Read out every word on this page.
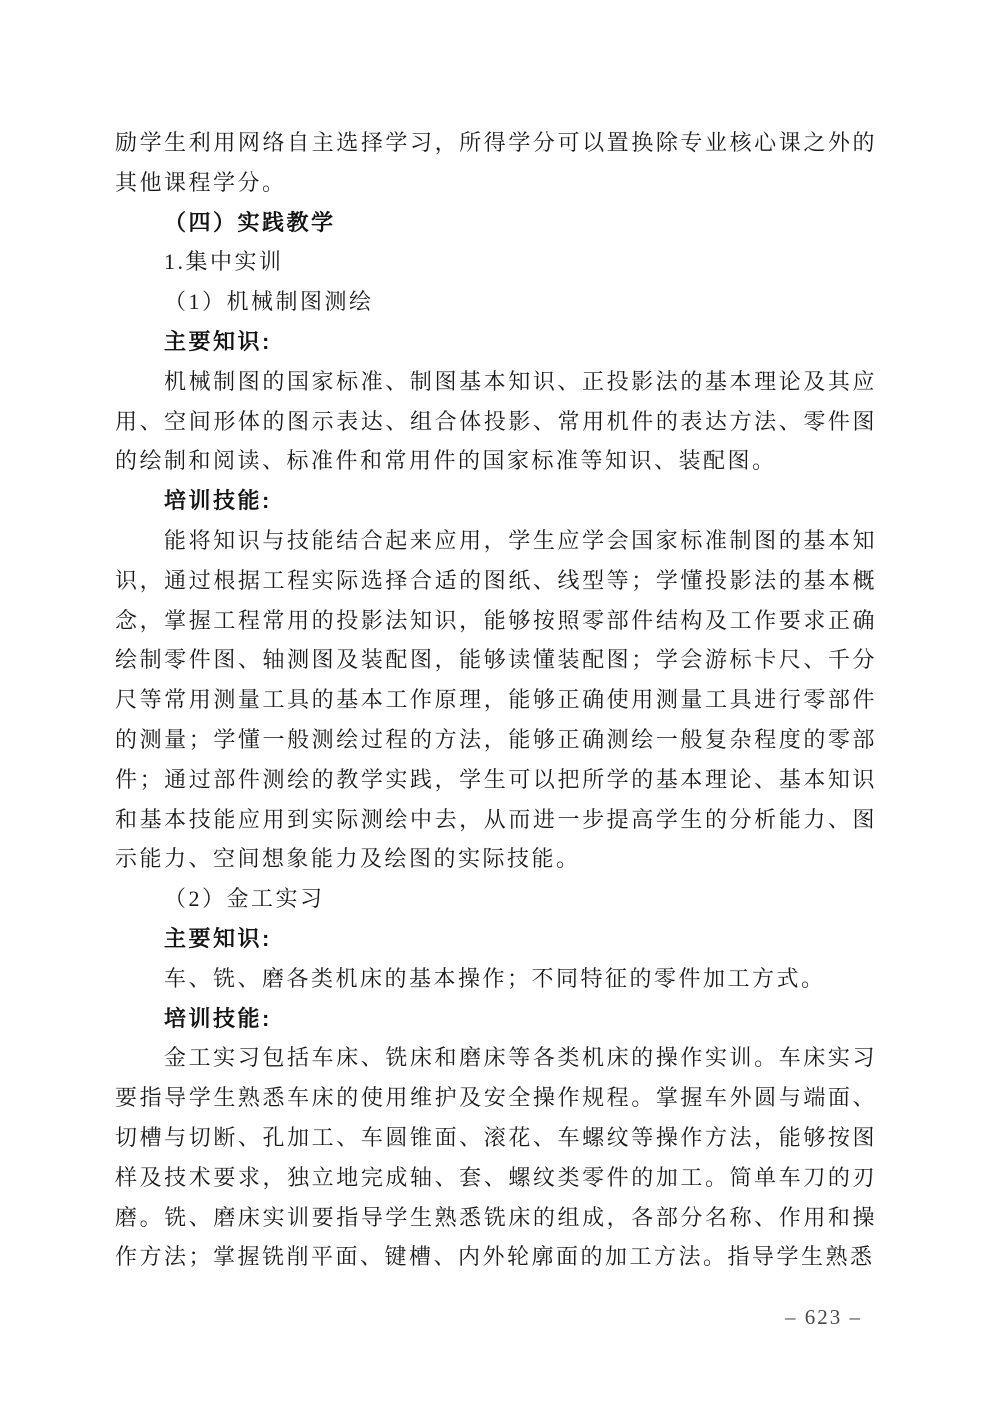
励学生利用网络自主选择学习，所得学分可以置换除专业核心课之外的其他课程学分。

（四）实践教学

1.集中实训

（1）机械制图测绘

主要知识:

机械制图的国家标准、制图基本知识、正投影法的基本理论及其应用、空间形体的图示表达、组合体投影、常用机件的表达方法、零件图的绘制和阅读、标准件和常用件的国家标准等知识、装配图。

培训技能:

能将知识与技能结合起来应用，学生应学会国家标准制图的基本知识，通过根据工程实际选择合适的图纸、线型等；学懂投影法的基本概念，掌握工程常用的投影法知识，能够按照零部件结构及工作要求正确绘制零件图、轴测图及装配图，能够读懂装配图；学会游标卡尺、千分尺等常用测量工具的基本工作原理，能够正确使用测量工具进行零部件的测量；学懂一般测绘过程的方法，能够正确测绘一般复杂程度的零部件；通过部件测绘的教学实践，学生可以把所学的基本理论、基本知识和基本技能应用到实际测绘中去，从而进一步提高学生的分析能力、图示能力、空间想象能力及绘图的实际技能。

（2）金工实习

主要知识:

车、铣、磨各类机床的基本操作；不同特征的零件加工方式。

培训技能:

金工实习包括车床、铣床和磨床等各类机床的操作实训。车床实习要指导学生熟悉车床的使用维护及安全操作规程。掌握车外圆与端面、切槽与切断、孔加工、车圆锥面、滚花、车螺纹等操作方法，能够按图样及技术要求，独立地完成轴、套、螺纹类零件的加工。简单车刀的刃磨。铣、磨床实训要指导学生熟悉铣床的组成，各部分名称、作用和操作方法；掌握铣削平面、键槽、内外轮廓面的加工方法。指导学生熟悉

– 623 –
